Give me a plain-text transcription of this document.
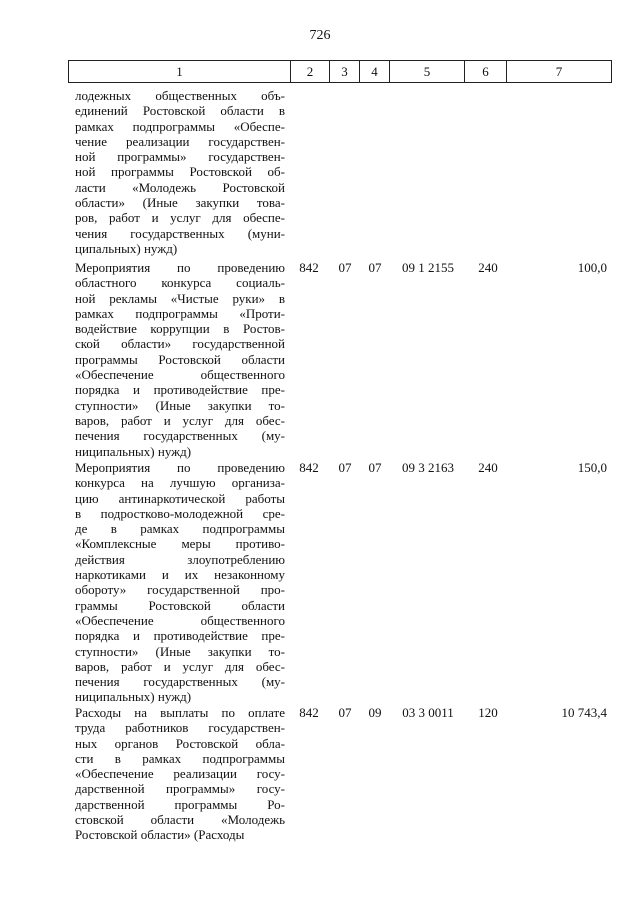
726
1	2	3	4	5	6	7
лодежных общественных объ-
единений Ростовской области в
рамках подпрограммы «Обеспе-
чение реализации государствен-
ной программы» государствен-
ной программы Ростовской об-
ласти «Молодежь Ростовской
области» (Иные закупки това-
ров, работ и услуг для обеспе-
чения государственных (муни-
ципальных) нужд)
Мероприятия по проведению
областного конкурса социаль-
ной рекламы «Чистые руки» в
рамках подпрограммы «Проти-
водействие коррупции в Ростов-
ской области» государственной
программы Ростовской области
«Обеспечение общественного
порядка и противодействие пре-
ступности» (Иные закупки то-
варов, работ и услуг для обес-
печения государственных (му-
ниципальных) нужд)
842	07	07	09 1 2155	240	100,0
Мероприятия по проведению
конкурса на лучшую организа-
цию антинаркотической работы
в подростково-молодежной сре-
де в рамках подпрограммы
«Комплексные меры противо-
действия злоупотреблению
наркотиками и их незаконному
обороту» государственной про-
граммы Ростовской области
«Обеспечение общественного
порядка и противодействие пре-
ступности» (Иные закупки то-
варов, работ и услуг для обес-
печения государственных (му-
ниципальных) нужд)
842	07	07	09 3 2163	240	150,0
Расходы на выплаты по оплате
труда работников государствен-
ных органов Ростовской обла-
сти в рамках подпрограммы
«Обеспечение реализации госу-
дарственной программы» госу-
дарственной программы Ро-
стовской области «Молодежь
Ростовской области» (Расходы
842	07	09	03 3 0011	120	10 743,4
